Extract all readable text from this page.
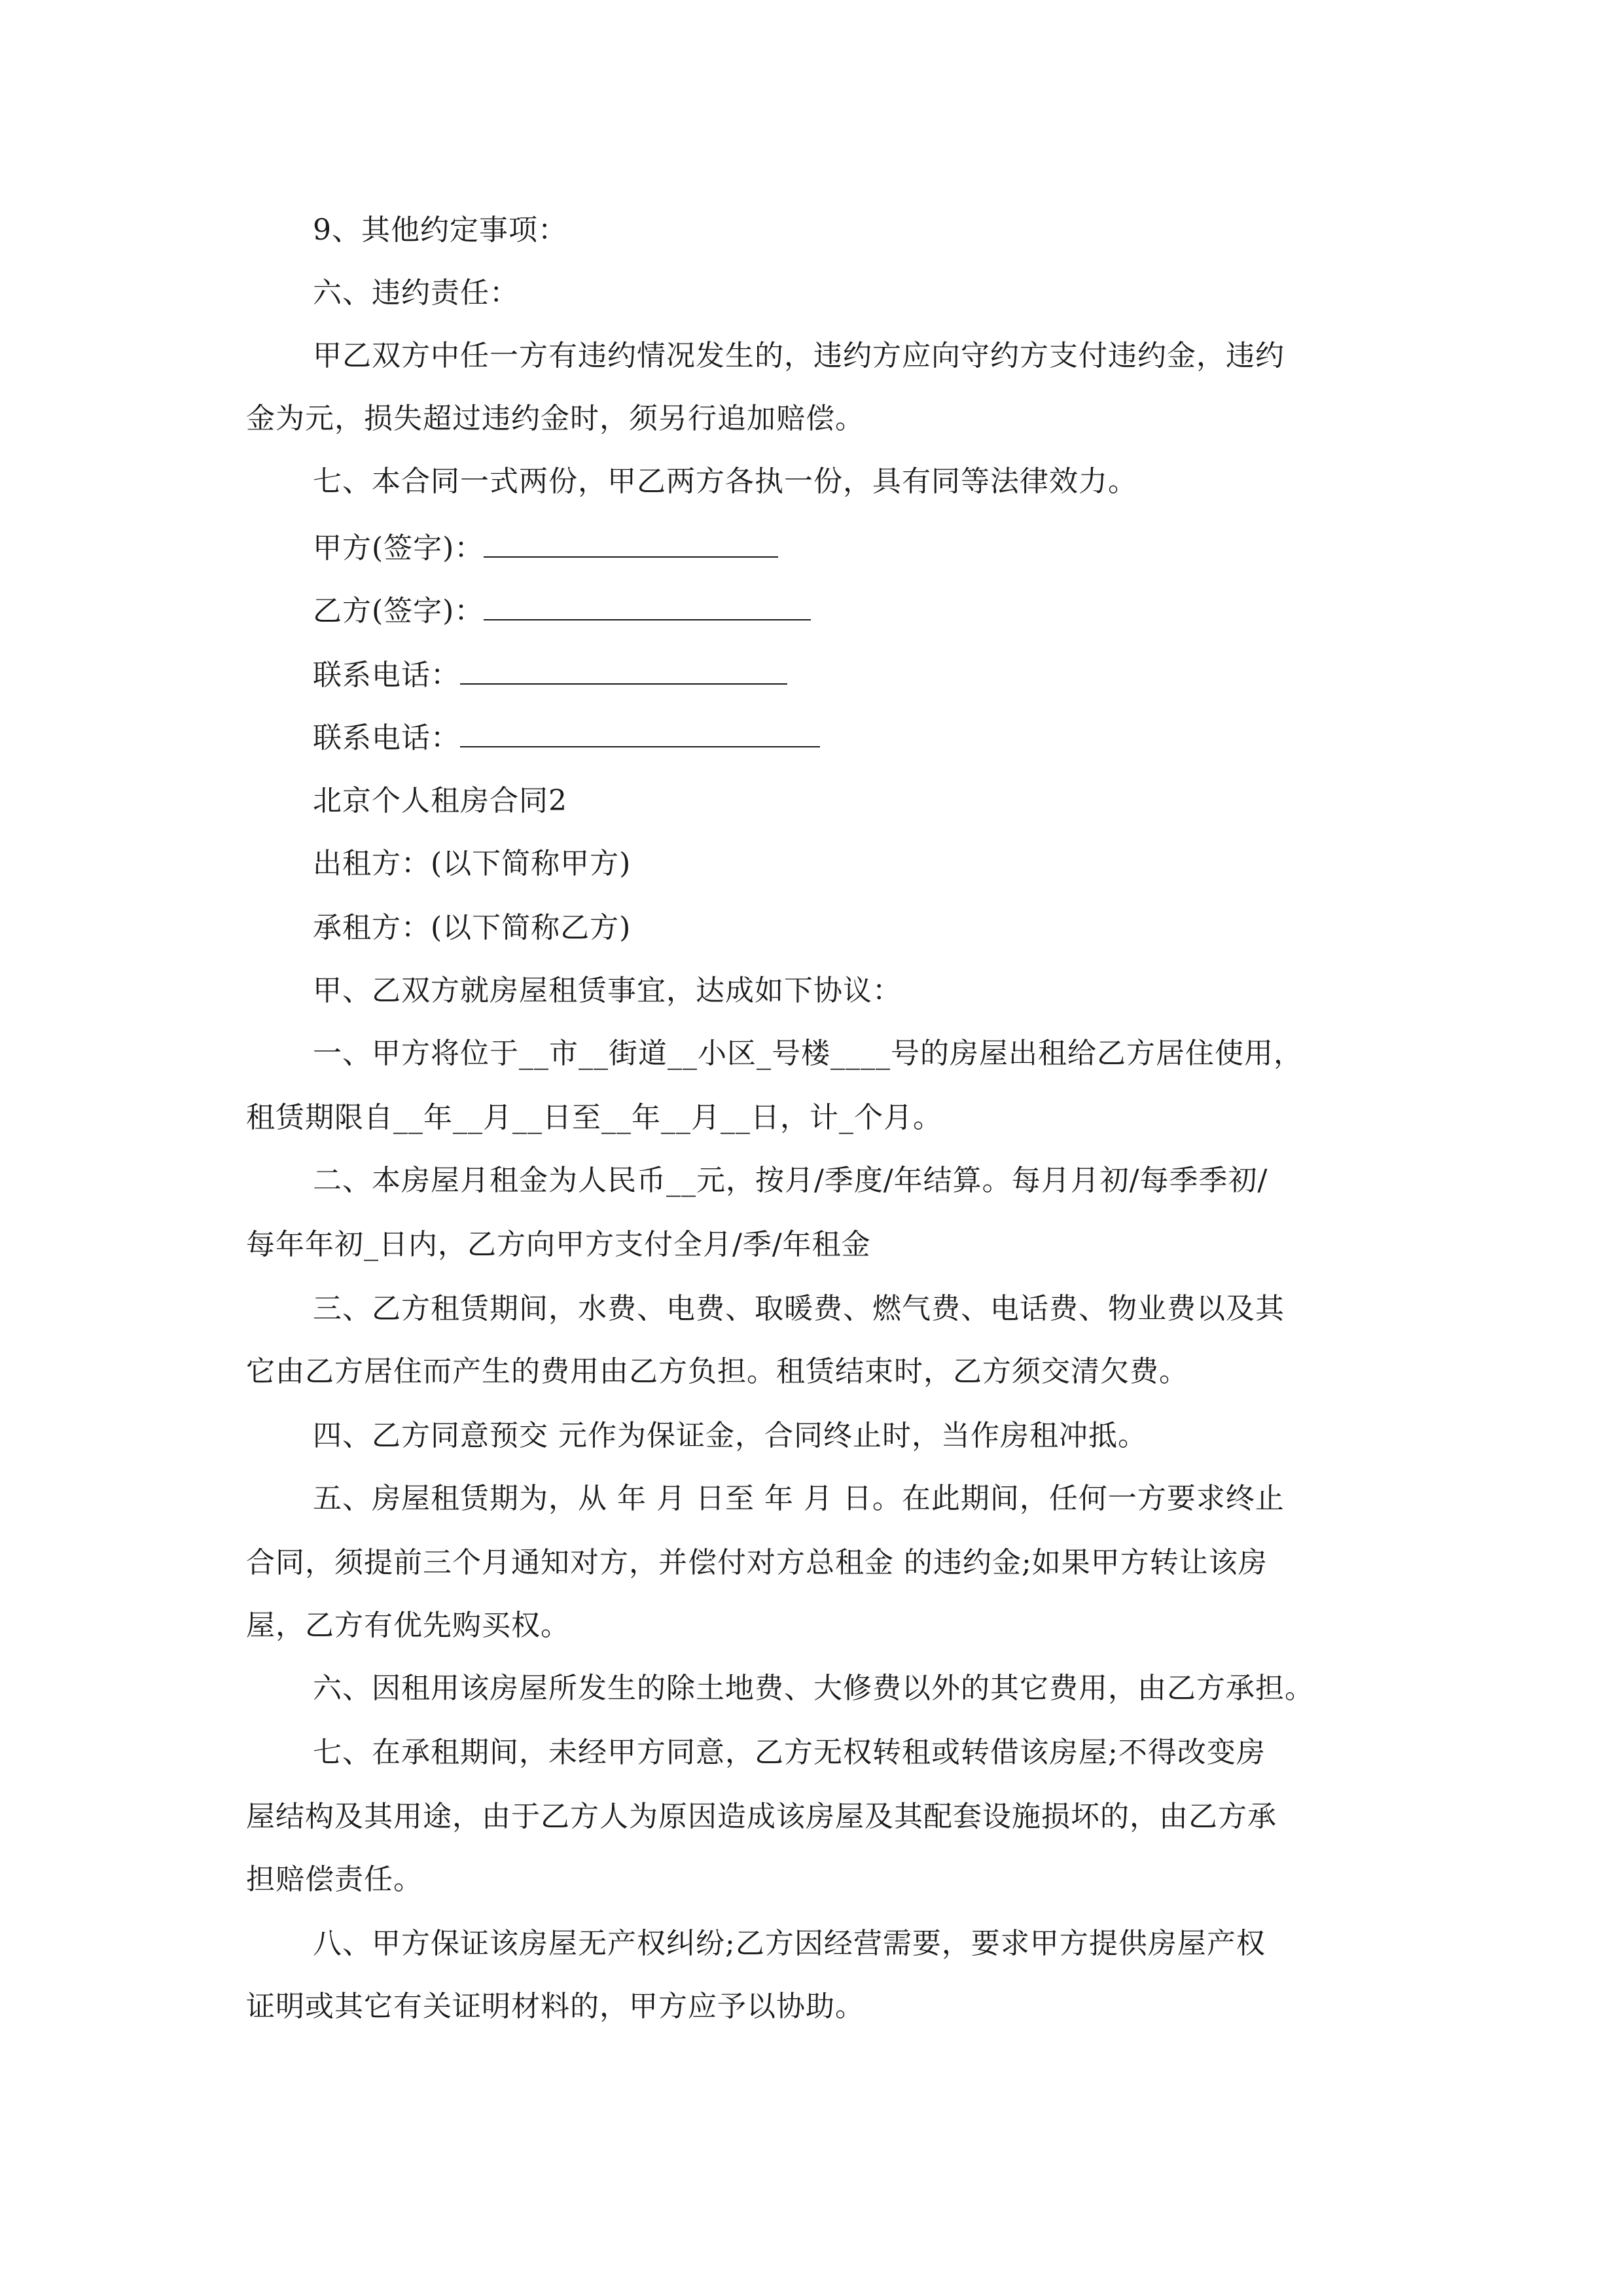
9、其他约定事项：
六、违约责任：
甲乙双方中任一方有违约情况发生的，违约方应向守约方支付违约金，违约
金为元，损失超过违约金时，须另行追加赔偿。
七、本合同一式两份，甲乙两方各执一份，具有同等法律效力。
甲方(签字)：
乙方(签字)：
联系电话：
联系电话：
北京个人租房合同2
出租方：(以下简称甲方)
承租方：(以下简称乙方)
甲、乙双方就房屋租赁事宜，达成如下协议：
一、甲方将位于__市__街道__小区_号楼____号的房屋出租给乙方居住使用，
租赁期限自__年__月__日至__年__月__日，计_个月。
二、本房屋月租金为人民币__元，按月/季度/年结算。每月月初/每季季初/
每年年初_日内，乙方向甲方支付全月/季/年租金
三、乙方租赁期间，水费、电费、取暖费、燃气费、电话费、物业费以及其
它由乙方居住而产生的费用由乙方负担。租赁结束时，乙方须交清欠费。
四、乙方同意预交 元作为保证金，合同终止时，当作房租冲抵。
五、房屋租赁期为，从 年 月 日至 年 月 日。在此期间，任何一方要求终止
合同，须提前三个月通知对方，并偿付对方总租金 的违约金;如果甲方转让该房
屋，乙方有优先购买权。
六、因租用该房屋所发生的除土地费、大修费以外的其它费用，由乙方承担。
七、在承租期间，未经甲方同意，乙方无权转租或转借该房屋;不得改变房
屋结构及其用途，由于乙方人为原因造成该房屋及其配套设施损坏的，由乙方承
担赔偿责任。
八、甲方保证该房屋无产权纠纷;乙方因经营需要，要求甲方提供房屋产权
证明或其它有关证明材料的，甲方应予以协助。
